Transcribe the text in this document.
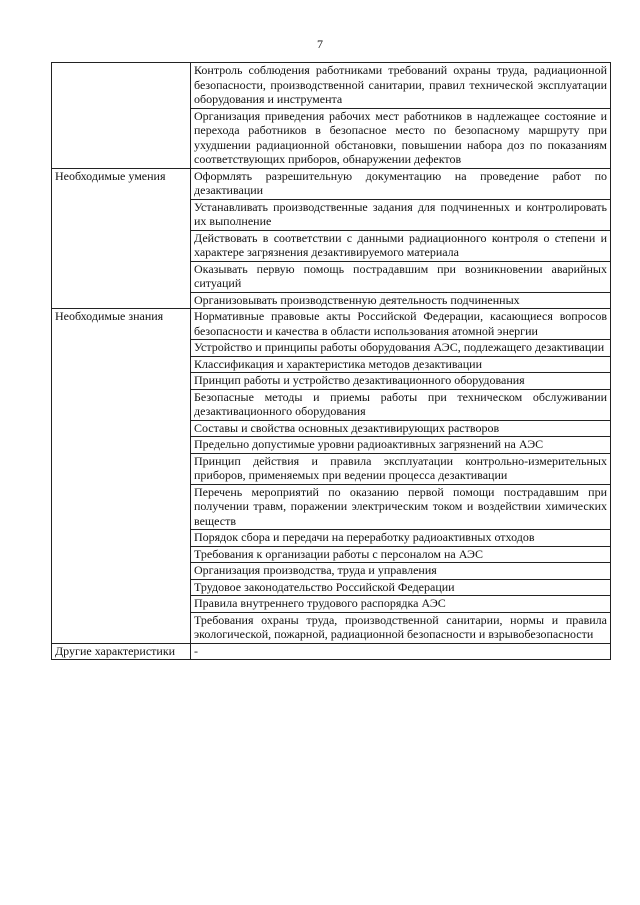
7
	Контроль соблюдения работниками требований охраны труда, радиационной безопасности, производственной санитарии, правил технической эксплуатации оборудования и инструмента
	Организация приведения рабочих мест работников в надлежащее состояние и перехода работников в безопасное место по безопасному маршруту при ухудшении радиационной обстановки, повышении набора доз по показаниям соответствующих приборов, обнаружении дефектов
Необходимые умения	Оформлять разрешительную документацию на проведение работ по дезактивации
	Устанавливать производственные задания для подчиненных и контролировать их выполнение
	Действовать в соответствии с данными радиационного контроля о степени и характере загрязнения дезактивируемого материала
	Оказывать первую помощь пострадавшим при возникновении аварийных ситуаций
	Организовывать производственную деятельность подчиненных
Необходимые знания	Нормативные правовые акты Российской Федерации, касающиеся вопросов безопасности и качества в области использования атомной энергии
	Устройство и принципы работы оборудования АЭС, подлежащего дезактивации
	Классификация и характеристика методов дезактивации
	Принцип работы и устройство дезактивационного оборудования
	Безопасные методы и приемы работы при техническом обслуживании дезактивационного оборудования
	Составы и свойства основных дезактивирующих растворов
	Предельно допустимые уровни радиоактивных загрязнений на АЭС
	Принцип действия и правила эксплуатации контрольно-измерительных приборов, применяемых при ведении процесса дезактивации
	Перечень мероприятий по оказанию первой помощи пострадавшим при получении травм, поражении электрическим током и воздействии химических веществ
	Порядок сбора и передачи на переработку радиоактивных отходов
	Требования к организации работы с персоналом на АЭС
	Организация производства, труда и управления
	Трудовое законодательство Российской Федерации
	Правила внутреннего трудового распорядка АЭС
	Требования охраны труда, производственной санитарии, нормы и правила экологической, пожарной, радиационной безопасности и взрывобезопасности
Другие характеристики	-
